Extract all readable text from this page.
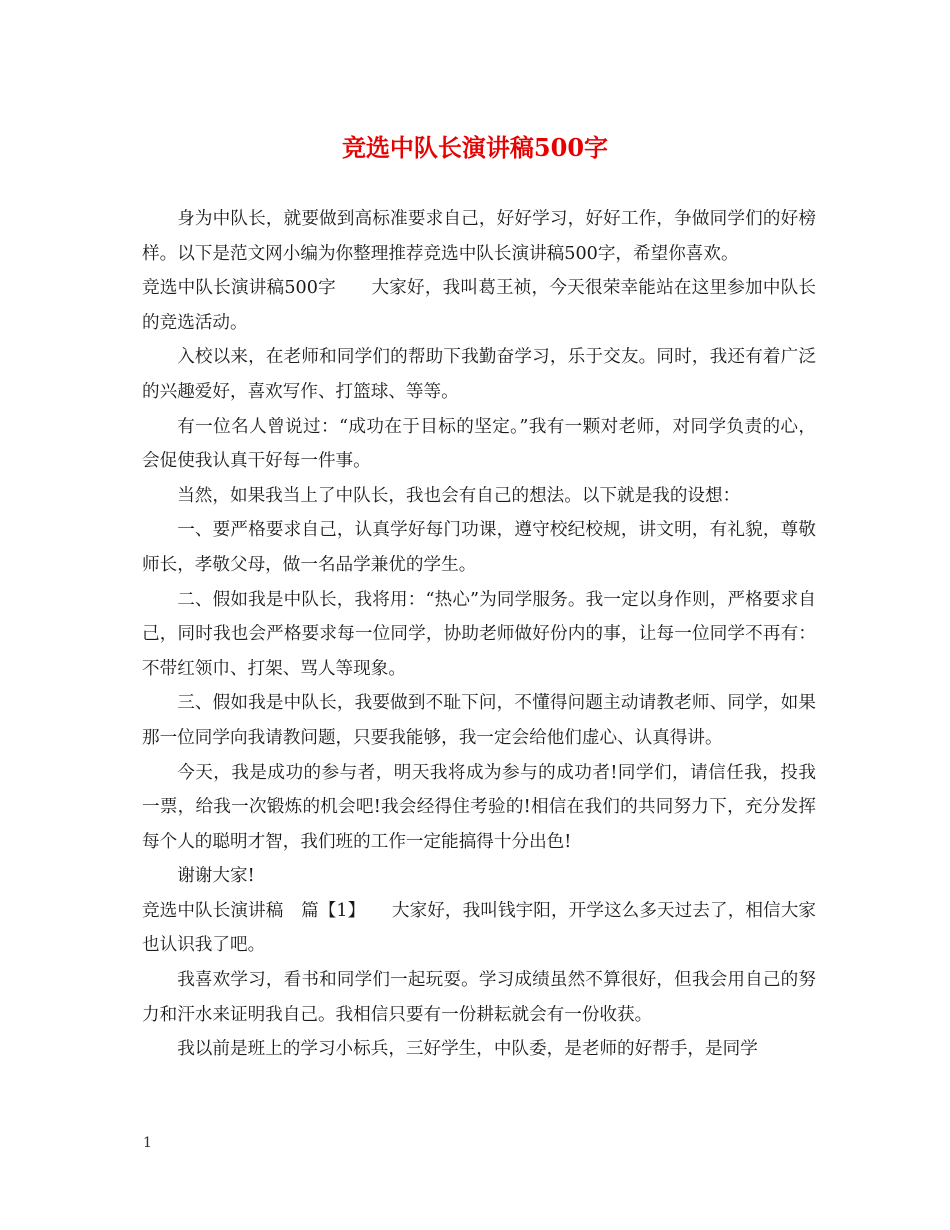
竞选中队长演讲稿500字

身为中队长，就要做到高标准要求自己，好好学习，好好工作，争做同学们的好榜样。以下是范文网小编为你整理推荐竞选中队长演讲稿500字，希望你喜欢。

竞选中队长演讲稿500字　　大家好，我叫葛王祯，今天很荣幸能站在这里参加中队长的竞选活动。

入校以来，在老师和同学们的帮助下我勤奋学习，乐于交友。同时，我还有着广泛的兴趣爱好，喜欢写作、打篮球、等等。

有一位名人曾说过：“成功在于目标的坚定。”我有一颗对老师，对同学负责的心，会促使我认真干好每一件事。

当然，如果我当上了中队长，我也会有自己的想法。以下就是我的设想：

一、要严格要求自己，认真学好每门功课，遵守校纪校规，讲文明，有礼貌，尊敬师长，孝敬父母，做一名品学兼优的学生。

二、假如我是中队长，我将用：“热心”为同学服务。我一定以身作则，严格要求自己，同时我也会严格要求每一位同学，协助老师做好份内的事，让每一位同学不再有：不带红领巾、打架、骂人等现象。

三、假如我是中队长，我要做到不耻下问，不懂得问题主动请教老师、同学，如果那一位同学向我请教问题，只要我能够，我一定会给他们虚心、认真得讲。

今天，我是成功的参与者，明天我将成为参与的成功者!同学们，请信任我，投我一票，给我一次锻炼的机会吧!我会经得住考验的!相信在我们的共同努力下，充分发挥每个人的聪明才智，我们班的工作一定能搞得十分出色!

谢谢大家!

竞选中队长演讲稿　篇【1】　　大家好，我叫钱宇阳，开学这么多天过去了，相信大家也认识我了吧。

我喜欢学习，看书和同学们一起玩耍。学习成绩虽然不算很好，但我会用自己的努力和汗水来证明我自己。我相信只要有一份耕耘就会有一份收获。

我以前是班上的学习小标兵，三好学生，中队委，是老师的好帮手，是同学

1
